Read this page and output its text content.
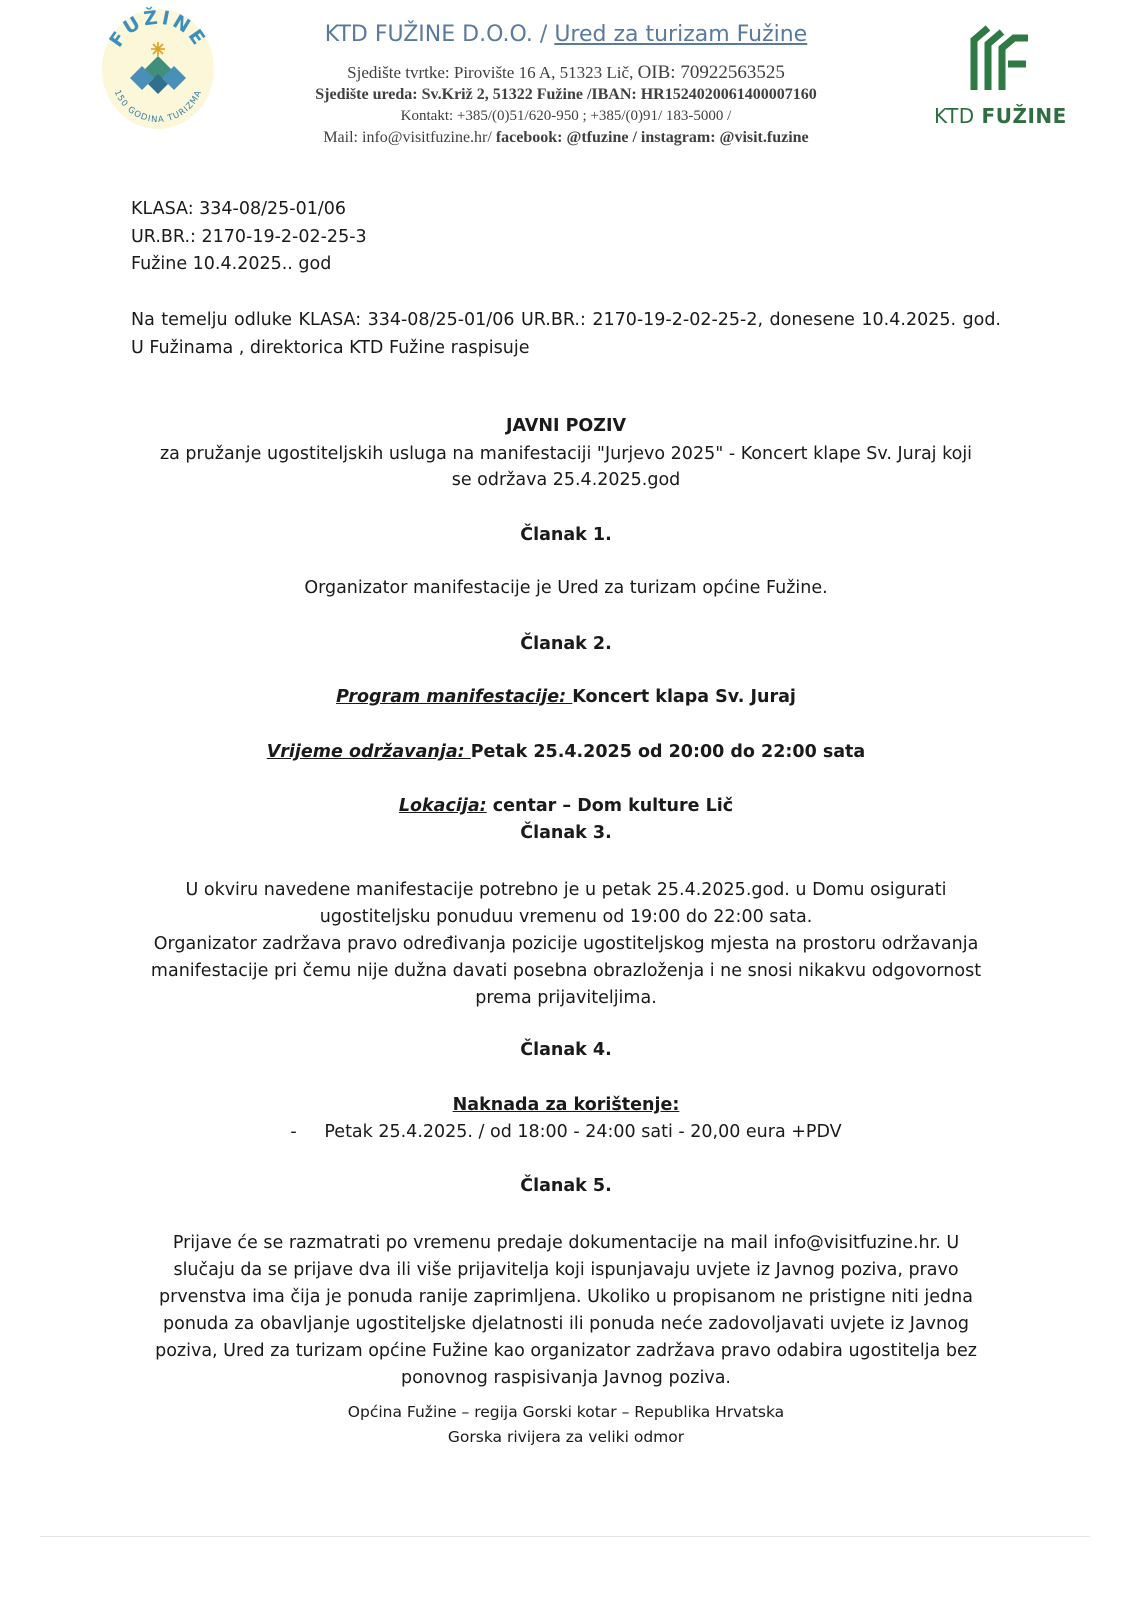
FUŽINE
150 GODINA TURIZMA
KTD FUŽINE D.O.O. / Ured za turizam Fužine
Sjedište tvrtke: Pirovište 16 A, 51323 Lič, OIB: 70922563525
Sjedište ureda: Sv.Križ 2, 51322 Fužine /IBAN: HR1524020061400007160
Kontakt: +385/(0)51/620-950 ; +385/(0)91/ 183-5000 /
Mail: info@visitfuzine.hr/ facebook: @tfuzine / instagram: @visit.fuzine
KTD FUŽINE
KLASA: 334-08/25-01/06
UR.BR.: 2170-19-2-02-25-3
Fužine 10.4.2025.. god
Na temelju odluke KLASA: 334-08/25-01/06 UR.BR.: 2170-19-2-02-25-2, donesene 10.4.2025. god. U Fužinama , direktorica KTD Fužine raspisuje
JAVNI POZIV
za pružanje ugostiteljskih usluga na manifestaciji "Jurjevo 2025" - Koncert klape Sv. Juraj koji
se održava 25.4.2025.god
Članak 1.
Organizator manifestacije je Ured za turizam općine Fužine.
Članak 2.
Program manifestacije: Koncert klapa Sv. Juraj
Vrijeme održavanja: Petak 25.4.2025 od 20:00 do 22:00 sata
Lokacija: centar – Dom kulture Lič
Članak 3.
U okviru navedene manifestacije potrebno je u petak 25.4.2025.god. u Domu osigurati
ugostiteljsku ponuduu vremenu od 19:00 do 22:00 sata.
Organizator zadržava pravo određivanja pozicije ugostiteljskog mjesta na prostoru održavanja
manifestacije pri čemu nije dužna davati posebna obrazloženja i ne snosi nikakvu odgovornost
prema prijaviteljima.
Članak 4.
Naknada za korištenje:
- Petak 25.4.2025. / od 18:00 - 24:00 sati - 20,00 eura +PDV
Članak 5.
Prijave će se razmatrati po vremenu predaje dokumentacije na mail info@visitfuzine.hr. U
slučaju da se prijave dva ili više prijavitelja koji ispunjavaju uvjete iz Javnog poziva, pravo
prvenstva ima čija je ponuda ranije zaprimljena. Ukoliko u propisanom ne pristigne niti jedna
ponuda za obavljanje ugostiteljske djelatnosti ili ponuda neće zadovoljavati uvjete iz Javnog
poziva, Ured za turizam općine Fužine kao organizator zadržava pravo odabira ugostitelja bez
ponovnog raspisivanja Javnog poziva.
Općina Fužine – regija Gorski kotar – Republika Hrvatska
Gorska rivijera za veliki odmor
